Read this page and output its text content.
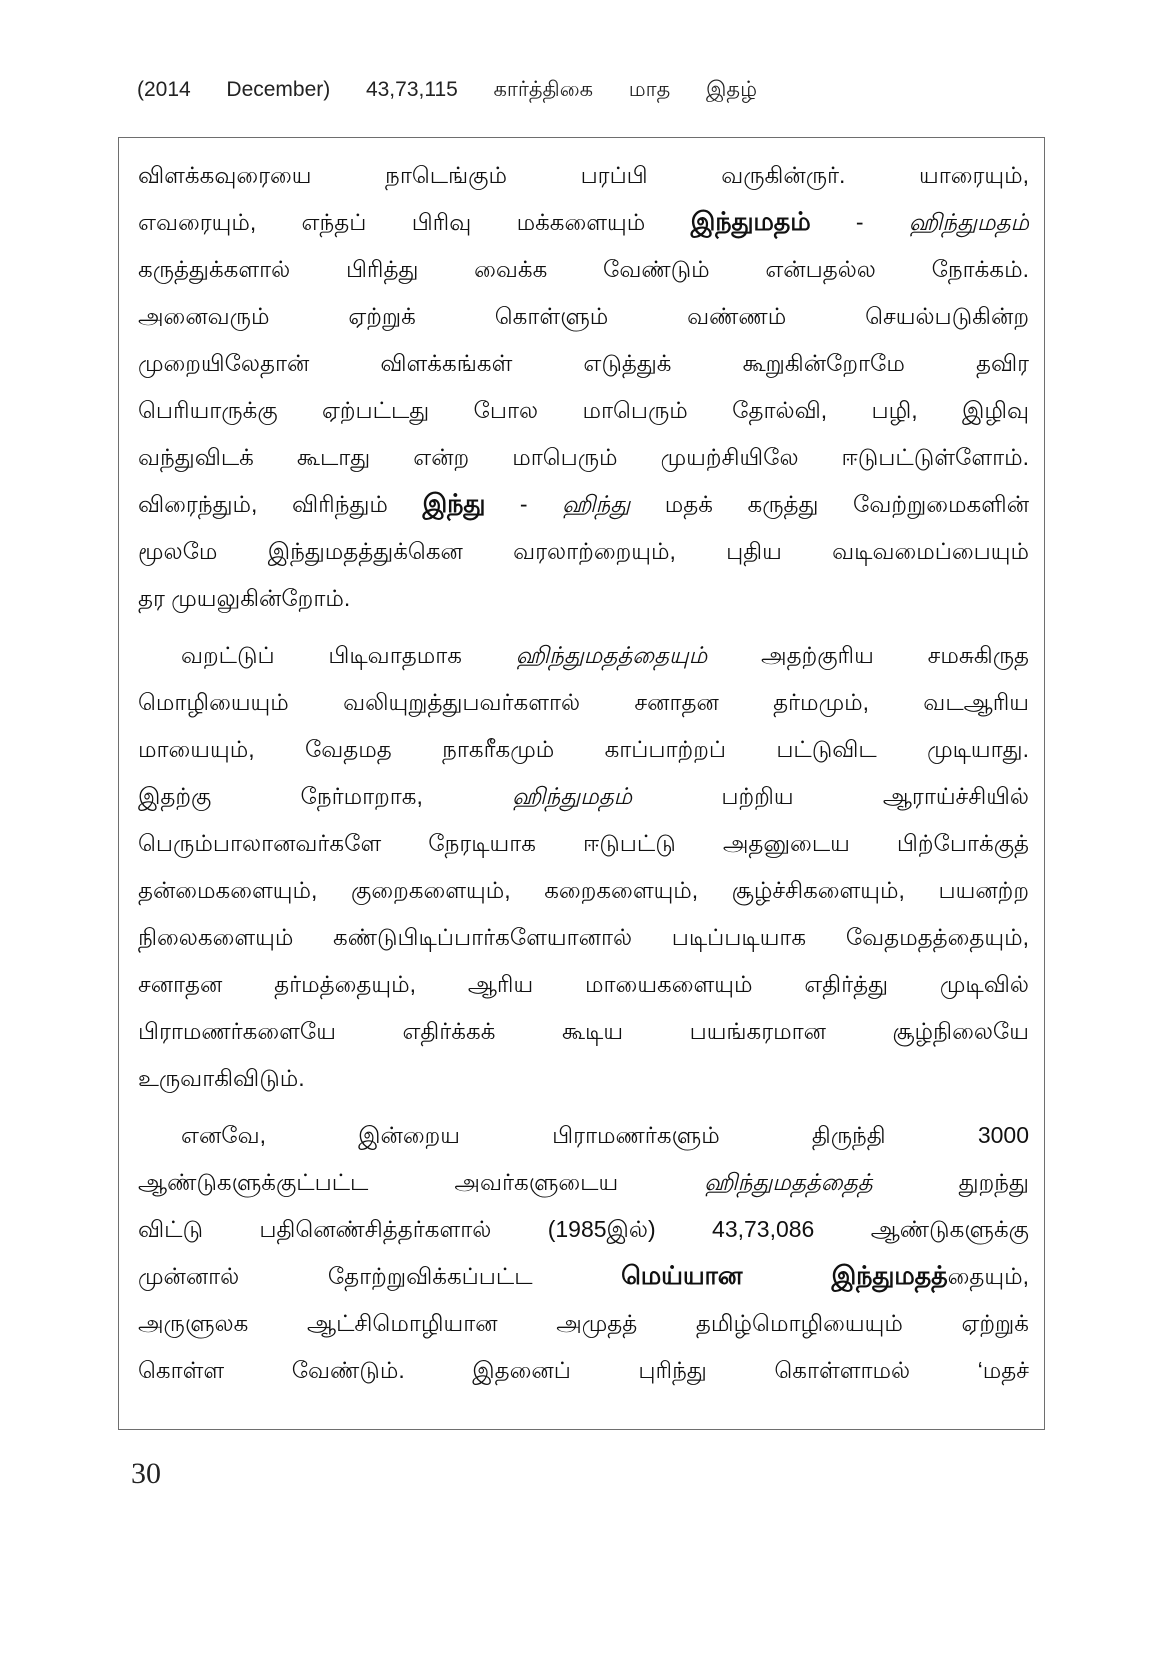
(2014 December) 43,73,115 கார்த்திகை மாத இதழ்
விளக்கவுரையை நாடெங்கும் பரப்பி வருகின்ருர். யாரையும்,
எவரையும், எந்தப் பிரிவு மக்களையும் இந்துமதம் - ஹிந்துமதம்
கருத்துக்களால் பிரித்து வைக்க வேண்டும் என்பதல்ல நோக்கம்.
அனைவரும் ஏற்றுக் கொள்ளும் வண்ணம் செயல்படுகின்ற
முறையிலேதான் விளக்கங்கள் எடுத்துக் கூறுகின்றோமே தவிர
பெரியாருக்கு ஏற்பட்டது போல மாபெரும் தோல்வி, பழி, இழிவு
வந்துவிடக் கூடாது என்ற மாபெரும் முயற்சியிலே ஈடுபட்டுள்ளோம்.
விரைந்தும், விரிந்தும் இந்து - ஹிந்து மதக் கருத்து வேற்றுமைகளின்
மூலமே இந்துமதத்துக்கென வரலாற்றையும், புதிய வடிவமைப்பையும்
தர முயலுகின்றோம்.
வறட்டுப் பிடிவாதமாக ஹிந்துமதத்தையும் அதற்குரிய சமசுகிருத
மொழியையும் வலியுறுத்துபவர்களால் சனாதன தர்மமும், வடஆரிய
மாயையும், வேதமத நாகரீகமும் காப்பாற்றப் பட்டுவிட முடியாது.
இதற்கு நேர்மாறாக, ஹிந்துமதம் பற்றிய ஆராய்ச்சியில்
பெரும்பாலானவர்களே நேரடியாக ஈடுபட்டு அதனுடைய பிற்போக்குத்
தன்மைகளையும், குறைகளையும், கறைகளையும், சூழ்ச்சிகளையும், பயனற்ற
நிலைகளையும் கண்டுபிடிப்பார்களேயானால் படிப்படியாக வேதமதத்தையும்,
சனாதன தர்மத்தையும், ஆரிய மாயைகளையும் எதிர்த்து முடிவில்
பிராமணர்களையே எதிர்க்கக் கூடிய பயங்கரமான சூழ்நிலையே
உருவாகிவிடும்.
எனவே, இன்றைய பிராமணர்களும் திருந்தி 3000
ஆண்டுகளுக்குட்பட்ட அவர்களுடைய ஹிந்துமதத்தைத் துறந்து
விட்டு பதினெண்சித்தர்களால் (1985இல்) 43,73,086 ஆண்டுகளுக்கு
முன்னால் தோற்றுவிக்கப்பட்ட மெய்யான இந்துமதத்தையும்,
அருளுலக ஆட்சிமொழியான அமுதத் தமிழ்மொழியையும் ஏற்றுக்
கொள்ள வேண்டும். இதனைப் புரிந்து கொள்ளாமல் ‘மதச்
30
